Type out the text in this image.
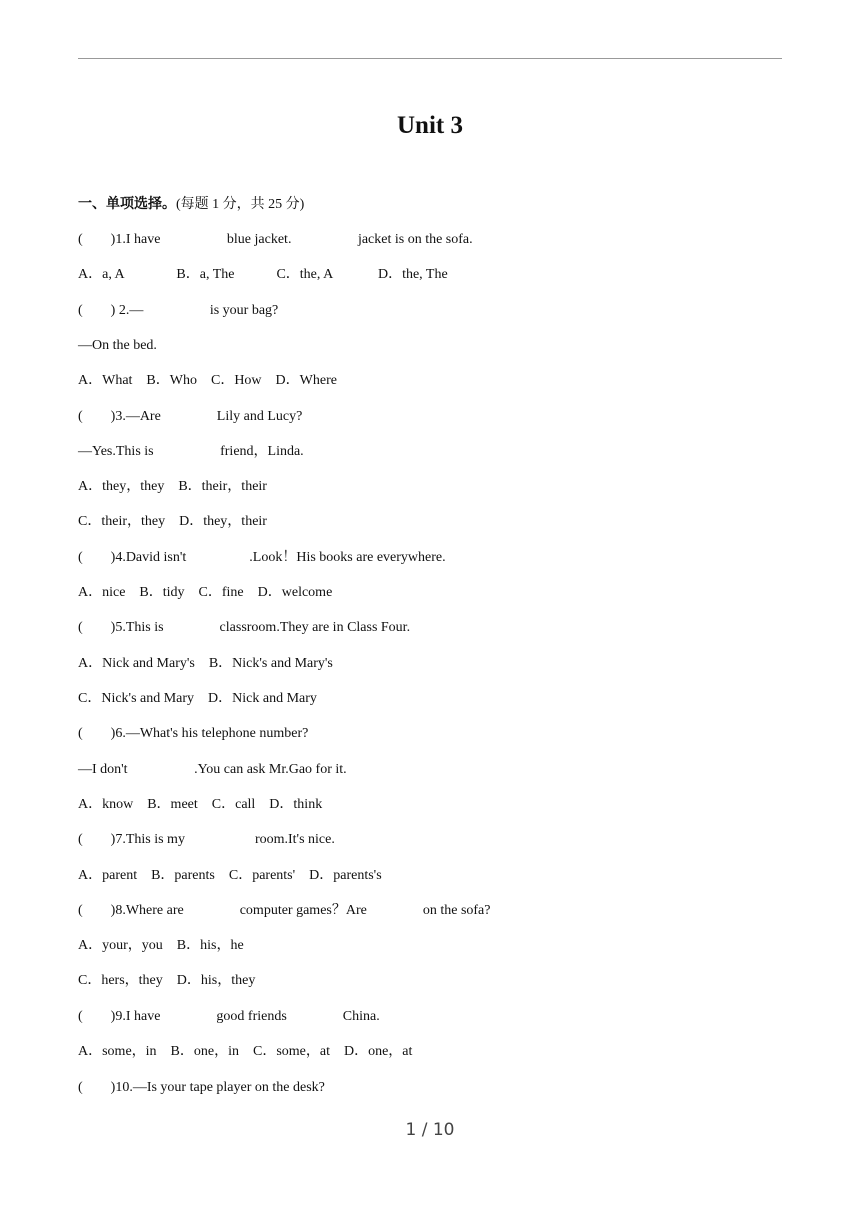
Unit 3
一、单项选择。(每题 1 分，共 25 分)
(        )1.I have                   blue jacket.                   jacket is on the sofa.
A．a, A               B．a, The            C．the, A             D．the, The
(        ) 2.—                   is your bag?
—On the bed.
A．What    B．Who    C．How    D．Where
(        )3.—Are                Lily and Lucy?
—Yes.This is                   friend，Linda.
A．they，they    B．their，their
C．their，they    D．they，their
(        )4.David isn't                  .Look！His books are everywhere.
A．nice    B．tidy    C．fine    D．welcome
(        )5.This is                classroom.They are in Class Four.
A．Nick and Mary's    B．Nick's and Mary's
C．Nick's and Mary    D．Nick and Mary
(        )6.—What's his telephone number?
—I don't                   .You can ask Mr.Gao for it.
A．know    B．meet    C．call    D．think
(        )7.This is my                    room.It's nice.
A．parent    B．parents    C．parents'    D．parents's
(        )8.Where are                computer games？Are                on the sofa?
A．your，you    B．his，he
C．hers，they    D．his，they
(        )9.I have                good friends                China.
A．some，in    B．one，in    C．some，at    D．one，at
(        )10.—Is your tape player on the desk?
1 / 10
